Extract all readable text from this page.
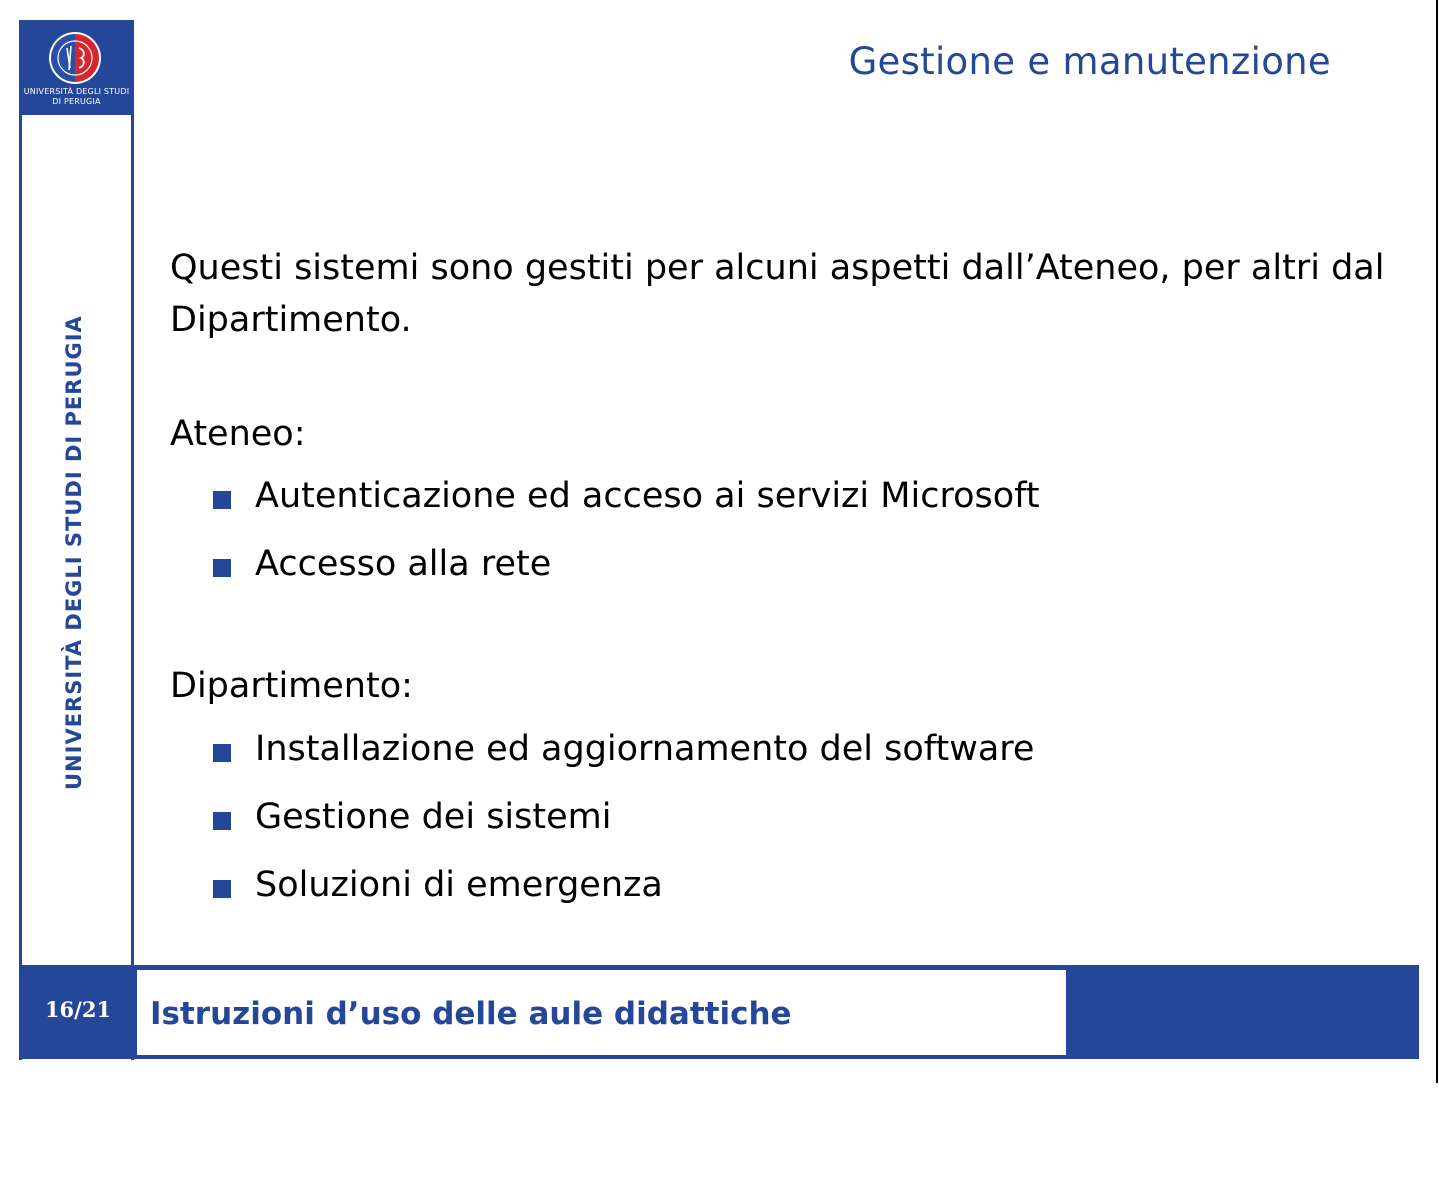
UNIVERSITÀ DEGLI STUDI
DI PERUGIA
UNIVERSITÀ DEGLI STUDI DI PERUGIA
Gestione e manutenzione

Questi sistemi sono gestiti per alcuni aspetti dall’Ateneo, per altri dal Dipartimento.

Ateneo:
Autenticazione ed acceso ai servizi Microsoft
Accesso alla rete
Dipartimento:
Installazione ed aggiornamento del software
Gestione dei sistemi
Soluzioni di emergenza
16/21	Istruzioni d’uso delle aule didattiche
